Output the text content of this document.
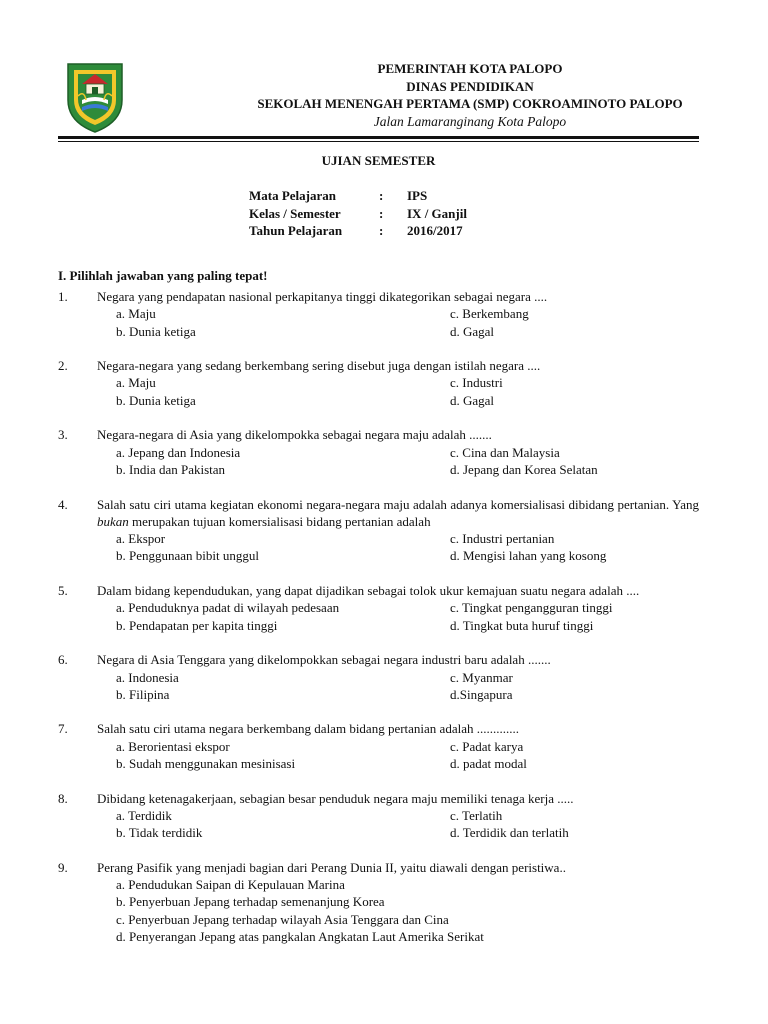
PEMERINTAH KOTA PALOPO
DINAS PENDIDIKAN
SEKOLAH MENENGAH PERTAMA (SMP) COKROAMINOTO PALOPO
Jalan Lamaranginang Kota Palopo
UJIAN SEMESTER
Mata Pelajaran	:	IPS
Kelas / Semester	:	IX / Ganjil
Tahun Pelajaran	:	2016/2017
I. Pilihlah jawaban yang paling tepat!
1.	Negara yang pendapatan nasional perkapitanya tinggi dikategorikan sebagai negara ....
a. Maju	c. Berkembang
b. Dunia ketiga	d. Gagal
2.	Negara-negara yang sedang berkembang sering disebut juga dengan istilah negara ....
a. Maju	c. Industri
b. Dunia ketiga	d. Gagal
3.	Negara-negara di Asia yang dikelompokka sebagai negara maju adalah .......
a. Jepang dan Indonesia	c. Cina dan Malaysia
b. India dan Pakistan	d. Jepang dan Korea Selatan
4.	Salah satu ciri utama kegiatan ekonomi negara-negara maju adalah adanya komersialisasi dibidang pertanian. Yang bukan merupakan tujuan komersialisasi bidang pertanian adalah
a. Ekspor	c. Industri pertanian
b. Penggunaan bibit unggul	d. Mengisi lahan yang kosong
5.	Dalam bidang kependudukan, yang dapat dijadikan sebagai tolok ukur kemajuan suatu negara adalah ....
a. Penduduknya padat di wilayah pedesaan	c. Tingkat pengangguran tinggi
b. Pendapatan per kapita tinggi	d. Tingkat buta huruf tinggi
6.	Negara di Asia Tenggara yang dikelompokkan sebagai negara industri baru adalah .......
a. Indonesia	c. Myanmar
b. Filipina	d.Singapura
7.	Salah satu ciri utama negara berkembang dalam bidang pertanian adalah .............
a. Berorientasi ekspor	c. Padat karya
b. Sudah menggunakan mesinisasi	d. padat modal
8.	Dibidang ketenagakerjaan, sebagian besar penduduk negara maju memiliki tenaga kerja .....
a. Terdidik	c. Terlatih
b. Tidak terdidik	d. Terdidik dan terlatih
9.	Perang Pasifik yang menjadi bagian dari Perang Dunia II, yaitu diawali dengan peristiwa..
a. Pendudukan Saipan di Kepulauan Marina
b. Penyerbuan Jepang terhadap semenanjung Korea
c. Penyerbuan Jepang terhadap wilayah Asia Tenggara dan Cina
d. Penyerangan Jepang atas pangkalan Angkatan Laut Amerika Serikat
